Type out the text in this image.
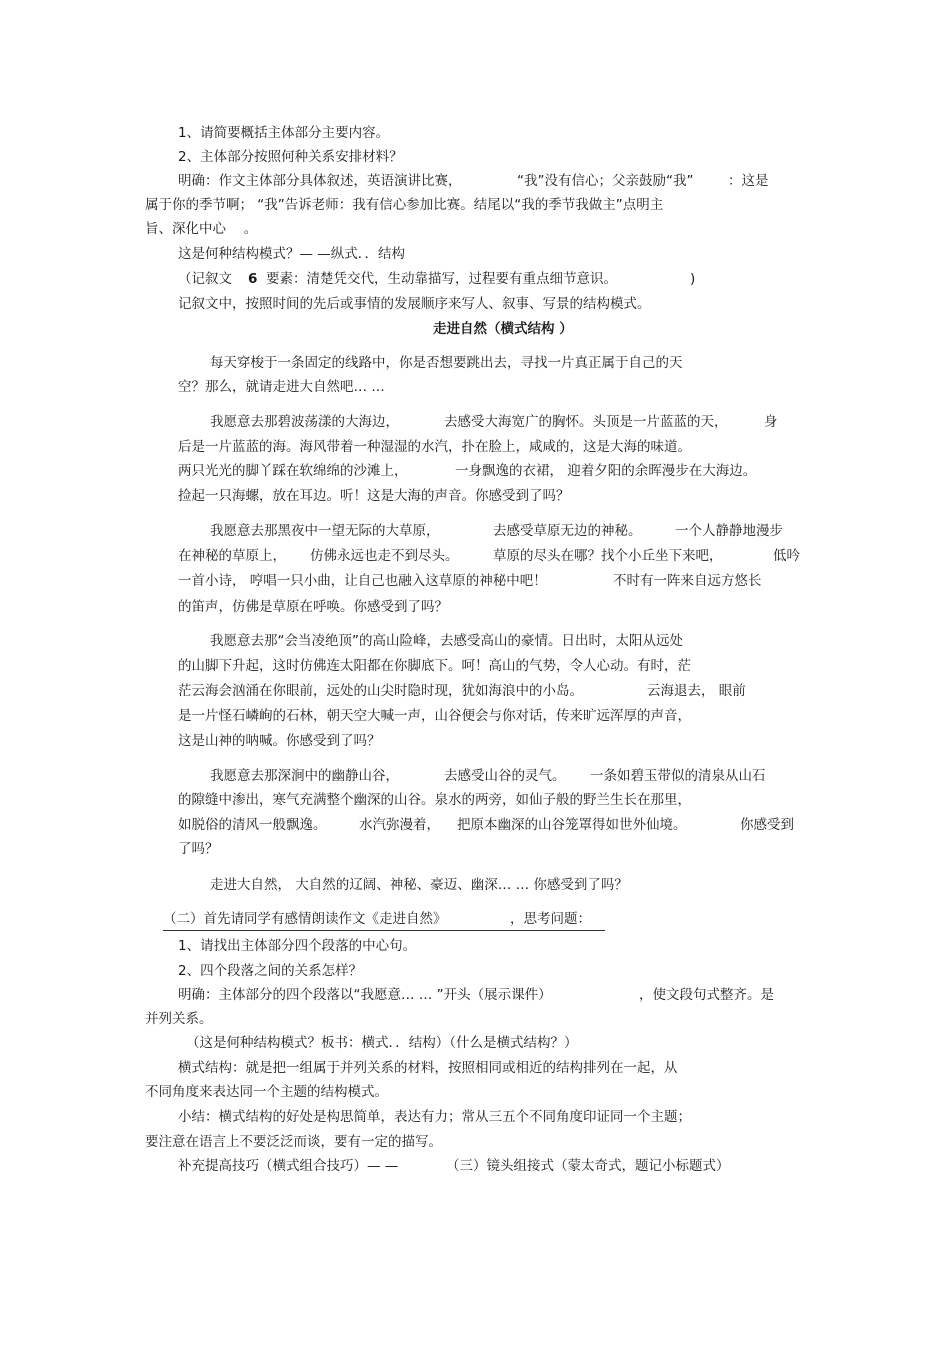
1、请简要概括主体部分主要内容。
2、主体部分按照何种关系安排材料？
明确：作文主体部分具体叙述，英语演讲比赛，	“我”没有信心；父亲鼓励“我”	：这是
属于你的季节啊； “我”告诉老师：我有信心参加比赛。结尾以“我的季节我做主”点明主
旨、深化中心　 。
这是何种结构模式？— —纵式．．结构
（记叙文 6 要素：清楚凭交代，生动靠描写，过程要有重点细节意识。	)
记叙文中，按照时间的先后或事情的发展顺序来写人、叙事、写景的结构模式。
走进自然（横式结构 ）
每天穿梭于一条固定的线路中，你是否想要跳出去，寻找一片真正属于自己的天
空？那么，就请走进大自然吧… …
我愿意去那碧波荡漾的大海边，	去感受大海宽广的胸怀。头顶是一片蓝蓝的天，	身
后是一片蓝蓝的海。海风带着一种湿湿的水汽，扑在脸上，咸咸的，这是大海的味道。
两只光光的脚丫踩在软绵绵的沙滩上，	一身飘逸的衣裙， 迎着夕阳的余晖漫步在大海边。
捡起一只海螺，放在耳边。听！这是大海的声音。你感受到了吗？
我愿意去那黑夜中一望无际的大草原，	去感受草原无边的神秘。 一个人静静地漫步
在神秘的草原上， 仿佛永远也走不到尽头。	草原的尽头在哪？找个小丘坐下来吧，	低吟
一首小诗， 哼唱一只小曲，让自己也融入这草原的神秘中吧！	不时有一阵来自远方悠长
的笛声，仿佛是草原在呼唤。你感受到了吗？
我愿意去那“会当凌绝顶”的高山险峰，去感受高山的豪情。日出时，太阳从远处
的山脚下升起，这时仿佛连太阳都在你脚底下。呵！高山的气势，令人心动。有时，茫
茫云海会汹涌在你眼前，远处的山尖时隐时现，犹如海浪中的小岛。	云海退去， 眼前
是一片怪石嶙峋的石林，朝天空大喊一声，山谷便会与你对话，传来旷远浑厚的声音，
这是山神的呐喊。你感受到了吗？
我愿意去那深涧中的幽静山谷，	去感受山谷的灵气。 一条如碧玉带似的清泉从山石
的隙缝中渗出，寒气充满整个幽深的山谷。泉水的两旁，如仙子般的野兰生长在那里，
如脱俗的清风一般飘逸。 水汽弥漫着， 把原本幽深的山谷笼罩得如世外仙境。	你感受到
了吗？
走进大自然， 大自然的辽阔、神秘、豪迈、幽深… … 你感受到了吗？
（二）首先请同学有感情朗读作文《走进自然》	，思考问题：
1、请找出主体部分四个段落的中心句。
2、四个段落之间的关系怎样？
明确：主体部分的四个段落以“我愿意… … ”开头（展示课件）	，使文段句式整齐。是
并列关系。
（这是何种结构模式？板书：横式．．结构）（什么是横式结构？）
横式结构：就是把一组属于并列关系的材料，按照相同或相近的结构排列在一起，从
不同角度来表达同一个主题的结构模式。
小结：横式结构的好处是构思简单，表达有力；常从三五个不同角度印证同一个主题；
要注意在语言上不要泛泛而谈，要有一定的描写。
补充提高技巧（横式组合技巧）— —	（三）镜头组接式（蒙太奇式，题记小标题式）
